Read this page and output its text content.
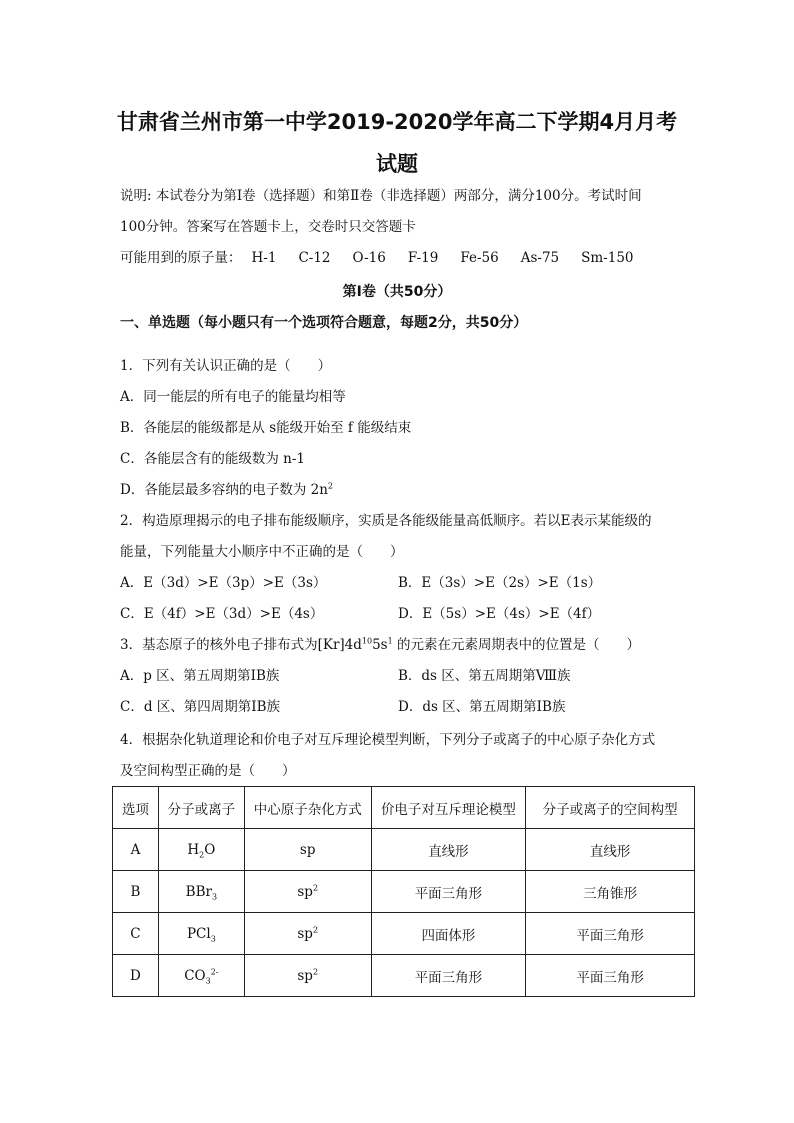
甘肃省兰州市第一中学2019-2020学年高二下学期4月月考
试题
说明: 本试卷分为第Ⅰ卷（选择题）和第Ⅱ卷（非选择题）两部分，满分100分。考试时间
100分钟。答案写在答题卡上，交卷时只交答题卡
可能用到的原子量： H-1 C-12 O-16 F-19 Fe-56 As-75 Sm-150
第Ⅰ卷（共50分）
一、单选题（每小题只有一个选项符合题意，每题2分，共50分）
1．下列有关认识正确的是（　　）
A．同一能层的所有电子的能量均相等
B．各能层的能级都是从 s能级开始至 f 能级结束
C．各能层含有的能级数为 n-1
D．各能层最多容纳的电子数为 $2n^2$
2．构造原理揭示的电子排布能级顺序，实质是各能级能量高低顺序。若以E表示某能级的
能量，下列能量大小顺序中不正确的是（　　）
A．E（3d）>E（3p）>E（3s）	B．E（3s）>E（2s）>E（1s）
C．E（4f）>E（3d）>E（4s）	D．E（5s）>E（4s）>E（4f）
3．基态原子的核外电子排布式为$[Kr]4d^{10}5s^1$ 的元素在元素周期表中的位置是（　　）
A．p 区、第五周期第ⅠB族	B．ds 区、第五周期第Ⅷ族
C．d 区、第四周期第ⅠB族	D．ds 区、第五周期第ⅠB族
4．根据杂化轨道理论和价电子对互斥理论模型判断，下列分子或离子的中心原子杂化方式
及空间构型正确的是（　　）
选项	分子或离子	中心原子杂化方式	价电子对互斥理论模型	分子或离子的空间构型
A	$H_2O$	sp	直线形	直线形
B	BBr$_3$	$sp^2$	平面三角形	三角锥形
C	PCl$_3$	$sp^2$	四面体形	平面三角形
D	$CO_3^{2-}$	$sp^2$	平面三角形	平面三角形
